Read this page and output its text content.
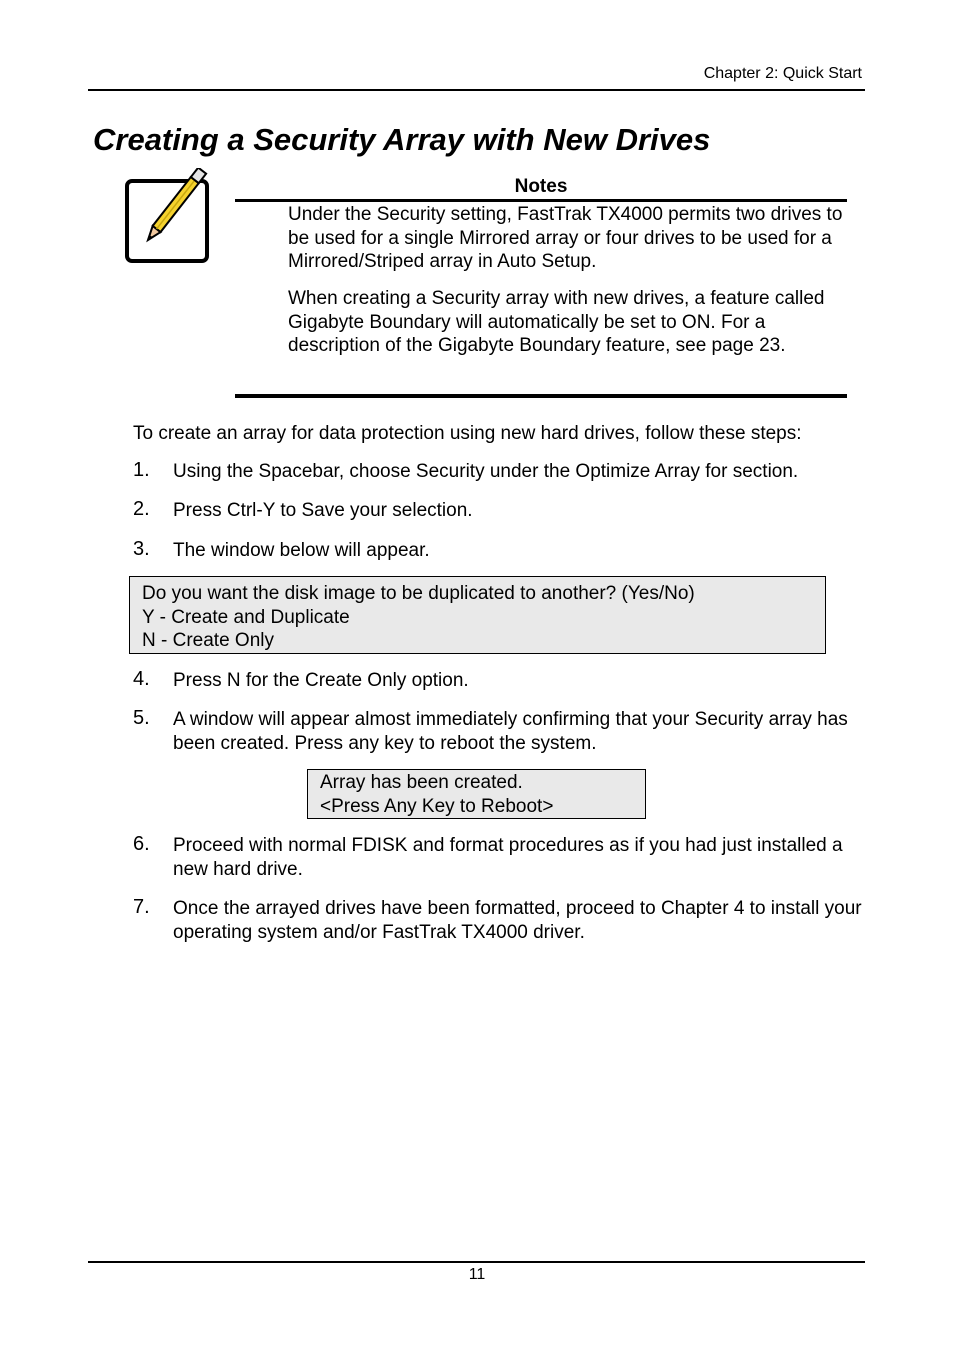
Chapter 2: Quick Start
Creating a Security Array with New Drives
Notes
Under the Security setting, FastTrak TX4000 permits two drives to be used for a single Mirrored array or four drives to be used for a Mirrored/Striped array in Auto Setup.
When creating a Security array with new drives, a feature called Gigabyte Boundary will automatically be set to ON. For a description of the Gigabyte Boundary feature, see page 23.
To create an array for data protection using new hard drives, follow these steps:
1. Using the Spacebar, choose Security under the Optimize Array for section.
2. Press Ctrl-Y to Save your selection.
3. The window below will appear.
Do you want the disk image to be duplicated to another? (Yes/No)
Y - Create and Duplicate
N - Create Only
4. Press N for the Create Only option.
5. A window will appear almost immediately confirming that your Security array has been created. Press any key to reboot the system.
Array has been created.
<Press Any Key to Reboot>
6. Proceed with normal FDISK and format procedures as if you had just installed a new hard drive.
7. Once the arrayed drives have been formatted, proceed to Chapter 4 to install your operating system and/or FastTrak TX4000 driver.
11
